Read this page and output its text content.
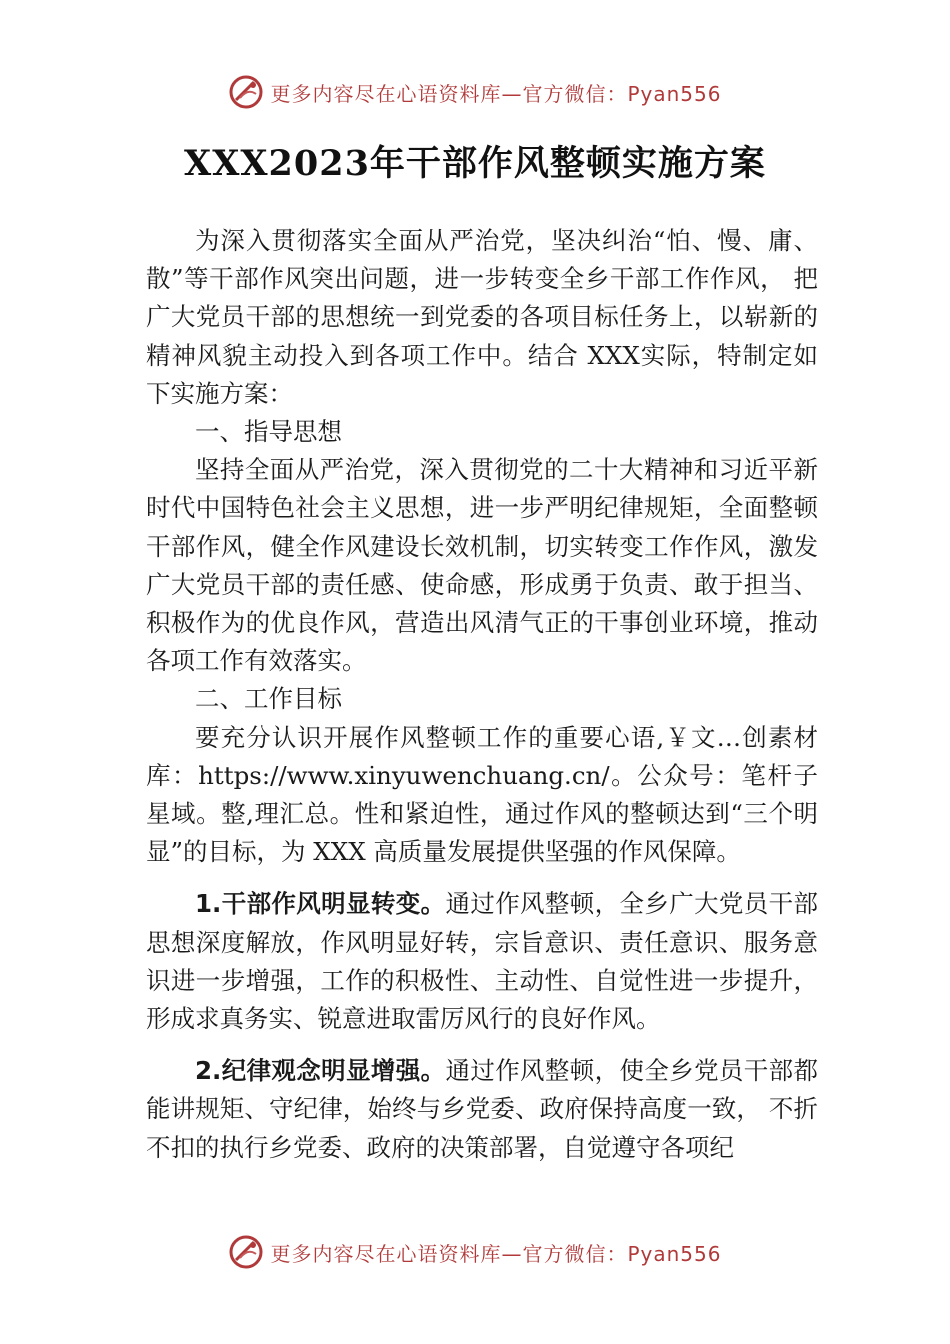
更多内容尽在心语资料库—官方微信：Pyan556
XXX2023年干部作风整顿实施方案

为深入贯彻落实全面从严治党，坚决纠治“怕、慢、庸、散”等干部作风突出问题，进一步转变全乡干部工作作风， 把广大党员干部的思想统一到党委的各项目标任务上，以崭新的精神风貌主动投入到各项工作中。结合 XXX实际，特制定如下实施方案：

一、指导思想

坚持全面从严治党，深入贯彻党的二十大精神和习近平新时代中国特色社会主义思想，进一步严明纪律规矩，全面整顿干部作风，健全作风建设长效机制，切实转变工作作风，激发广大党员干部的责任感、使命感，形成勇于负责、敢于担当、积极作为的优良作风，营造出风清气正的干事创业环境，推动各项工作有效落实。

二、工作目标

要充分认识开展作风整顿工作的重要心语,￥文…创素材库：https://www.xinyuwenchuang.cn/。公众号：笔杆子星域。整,理汇总。性和紧迫性，通过作风的整顿达到“三个明显”的目标，为 XXX 高质量发展提供坚强的作风保障。

1.干部作风明显转变。通过作风整顿，全乡广大党员干部思想深度解放，作风明显好转，宗旨意识、责任意识、服务意识进一步增强，工作的积极性、主动性、自觉性进一步提升，形成求真务实、锐意进取雷厉风行的良好作风。

2.纪律观念明显增强。通过作风整顿，使全乡党员干部都能讲规矩、守纪律，始终与乡党委、政府保持高度一致， 不折不扣的执行乡党委、政府的决策部署，自觉遵守各项纪

更多内容尽在心语资料库—官方微信：Pyan556
